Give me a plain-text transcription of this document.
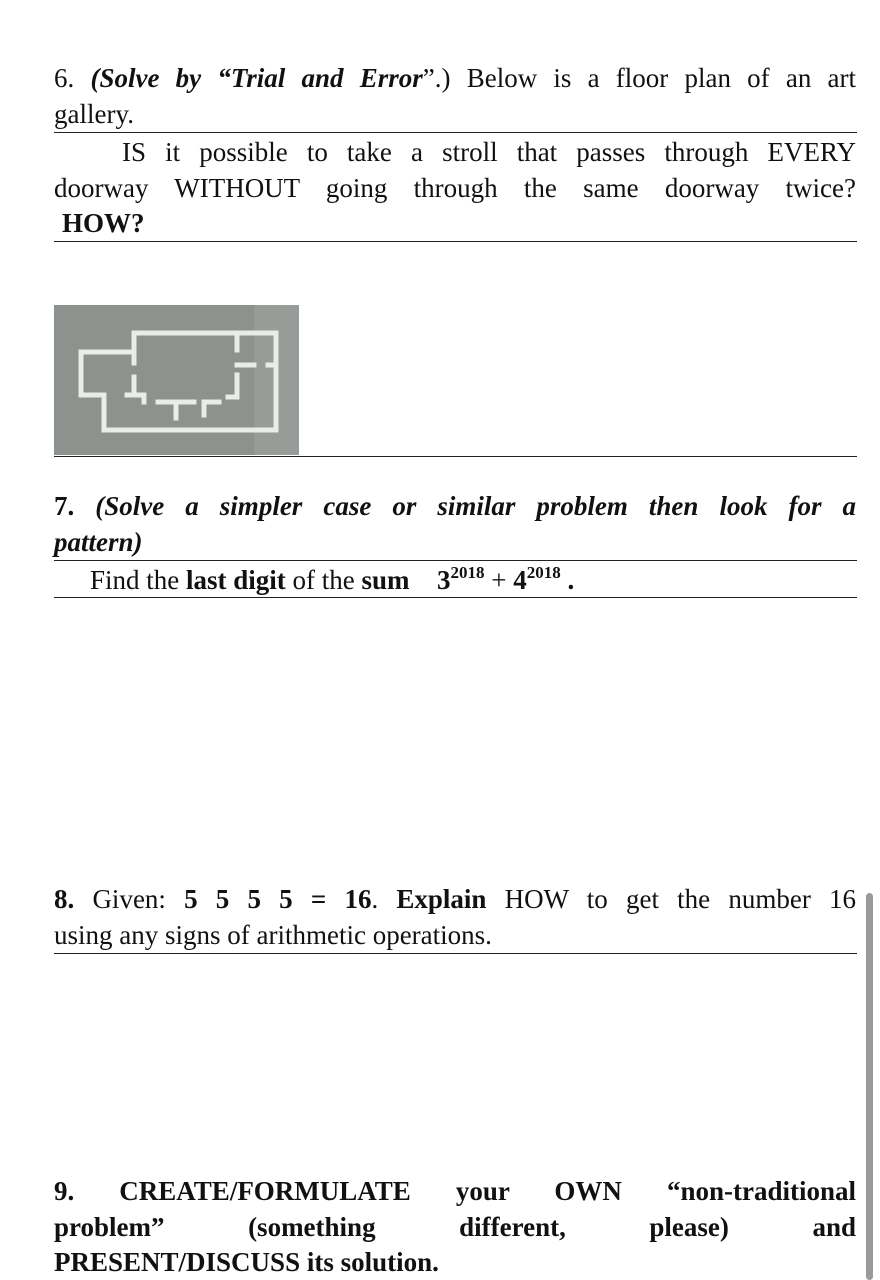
6. (Solve by “Trial and Error”.) Below is a floor plan of an art
gallery.
IS it possible to take a stroll that passes through EVERY
doorway WITHOUT going through the same doorway twice?
HOW?
7. (Solve a simpler case or similar problem then look for a
pattern)
Find the last digit of the sum $3^{2018} + 4^{2018}$ .
8. Given: 5 5 5 5 = 16. Explain HOW to get the number 16
using any signs of arithmetic operations.
9. CREATE/FORMULATE your OWN “non-traditional
problem” (something different, please) and
PRESENT/DISCUSS its solution.
